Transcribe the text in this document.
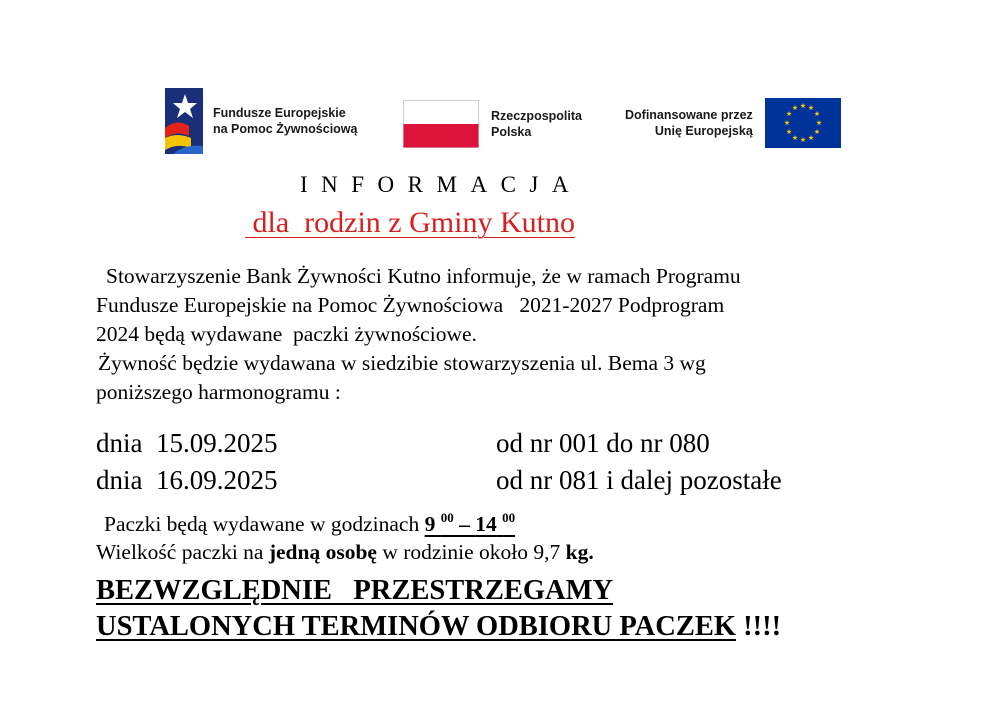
Fundusze Europejskie
na Pomoc Żywnościową
Rzeczpospolita
Polska
Dofinansowane przez
Unię Europejską
★ ★
★
★
★
★
★
★
★
★
★
★
INFORMACJA
dla  rodzin z Gminy Kutno
Stowarzyszenie Bank Żywności Kutno informuje, że w ramach Programu
Fundusze Europejskie na Pomoc Żywnościowa   2021-2027 Podprogram
2024 będą wydawane  paczki żywnościowe.
Żywność będzie wydawana w siedzibie stowarzyszenia ul. Bema 3 wg
poniższego harmonogramu :
dnia  15.09.2025	od nr 001 do nr 080
dnia  16.09.2025	od nr 081 i dalej pozostałe
Paczki będą wydawane w godzinach 9 $^{00}$ – 14 $^{00}$
Wielkość paczki na jedną osobę w rodzinie około 9,7 kg.
BEZWZGLĘDNIE   PRZESTRZEGAMY
USTALONYCH TERMINÓW ODBIORU PACZEK !!!!
